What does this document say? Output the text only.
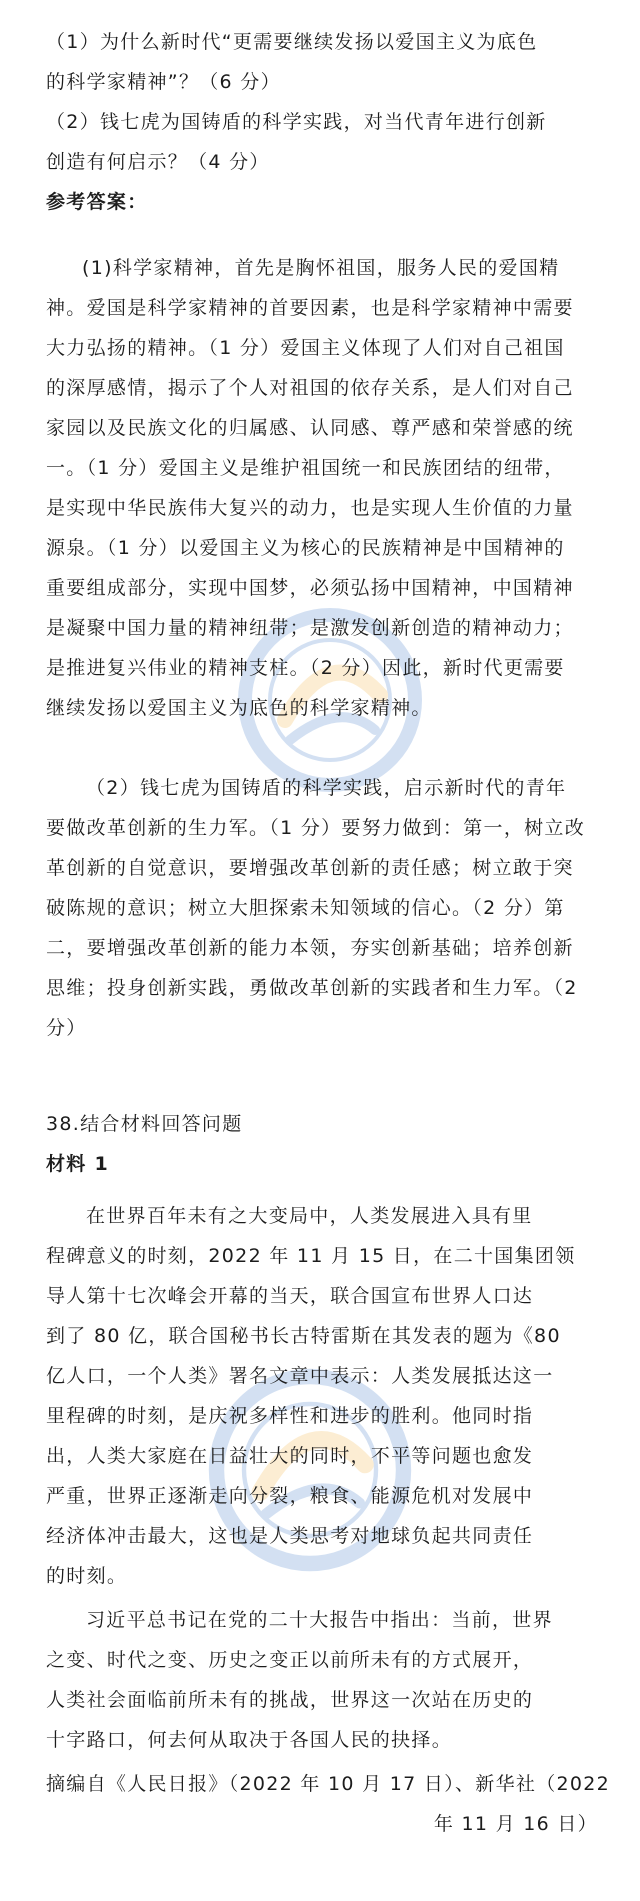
（1）为什么新时代“更需要继续发扬以爱国主义为底色
的科学家精神”？（6 分）
（2）钱七虎为国铸盾的科学实践，对当代青年进行创新
创造有何启示？（4 分）
参考答案：
(1)科学家精神，首先是胸怀祖国，服务人民的爱国精
神。爱国是科学家精神的首要因素，也是科学家精神中需要
大力弘扬的精神。（1 分）爱国主义体现了人们对自己祖国
的深厚感情，揭示了个人对祖国的依存关系，是人们对自己
家园以及民族文化的归属感、认同感、尊严感和荣誉感的统
一。（1 分）爱国主义是维护祖国统一和民族团结的纽带，
是实现中华民族伟大复兴的动力，也是实现人生价值的力量
源泉。（1 分）以爱国主义为核心的民族精神是中国精神的
重要组成部分，实现中国梦，必须弘扬中国精神，中国精神
是凝聚中国力量的精神纽带；是激发创新创造的精神动力；
是推进复兴伟业的精神支柱。（2 分）因此，新时代更需要
继续发扬以爱国主义为底色的科学家精神。
（2）钱七虎为国铸盾的科学实践，启示新时代的青年
要做改革创新的生力军。（1 分）要努力做到：第一，树立改
革创新的自觉意识，要增强改革创新的责任感；树立敢于突
破陈规的意识；树立大胆探索未知领域的信心。（2 分）第
二，要增强改革创新的能力本领，夯实创新基础；培养创新
思维；投身创新实践，勇做改革创新的实践者和生力军。（2
分）
38.结合材料回答问题
材料 1
在世界百年未有之大变局中，人类发展进入具有里
程碑意义的时刻，2022 年 11 月 15 日，在二十国集团领
导人第十七次峰会开幕的当天，联合国宣布世界人口达
到了 80 亿，联合国秘书长古特雷斯在其发表的题为《80
亿人口，一个人类》署名文章中表示：人类发展抵达这一
里程碑的时刻，是庆祝多样性和进步的胜利。他同时指
出，人类大家庭在日益壮大的同时，不平等问题也愈发
严重，世界正逐渐走向分裂，粮食、能源危机对发展中
经济体冲击最大，这也是人类思考对地球负起共同责任
的时刻。
习近平总书记在党的二十大报告中指出：当前，世界
之变、时代之变、历史之变正以前所未有的方式展开，
人类社会面临前所未有的挑战，世界这一次站在历史的
十字路口，何去何从取决于各国人民的抉择。
摘编自《人民日报》（2022 年 10 月 17 日）、新华社（2022
年 11 月 16 日）
